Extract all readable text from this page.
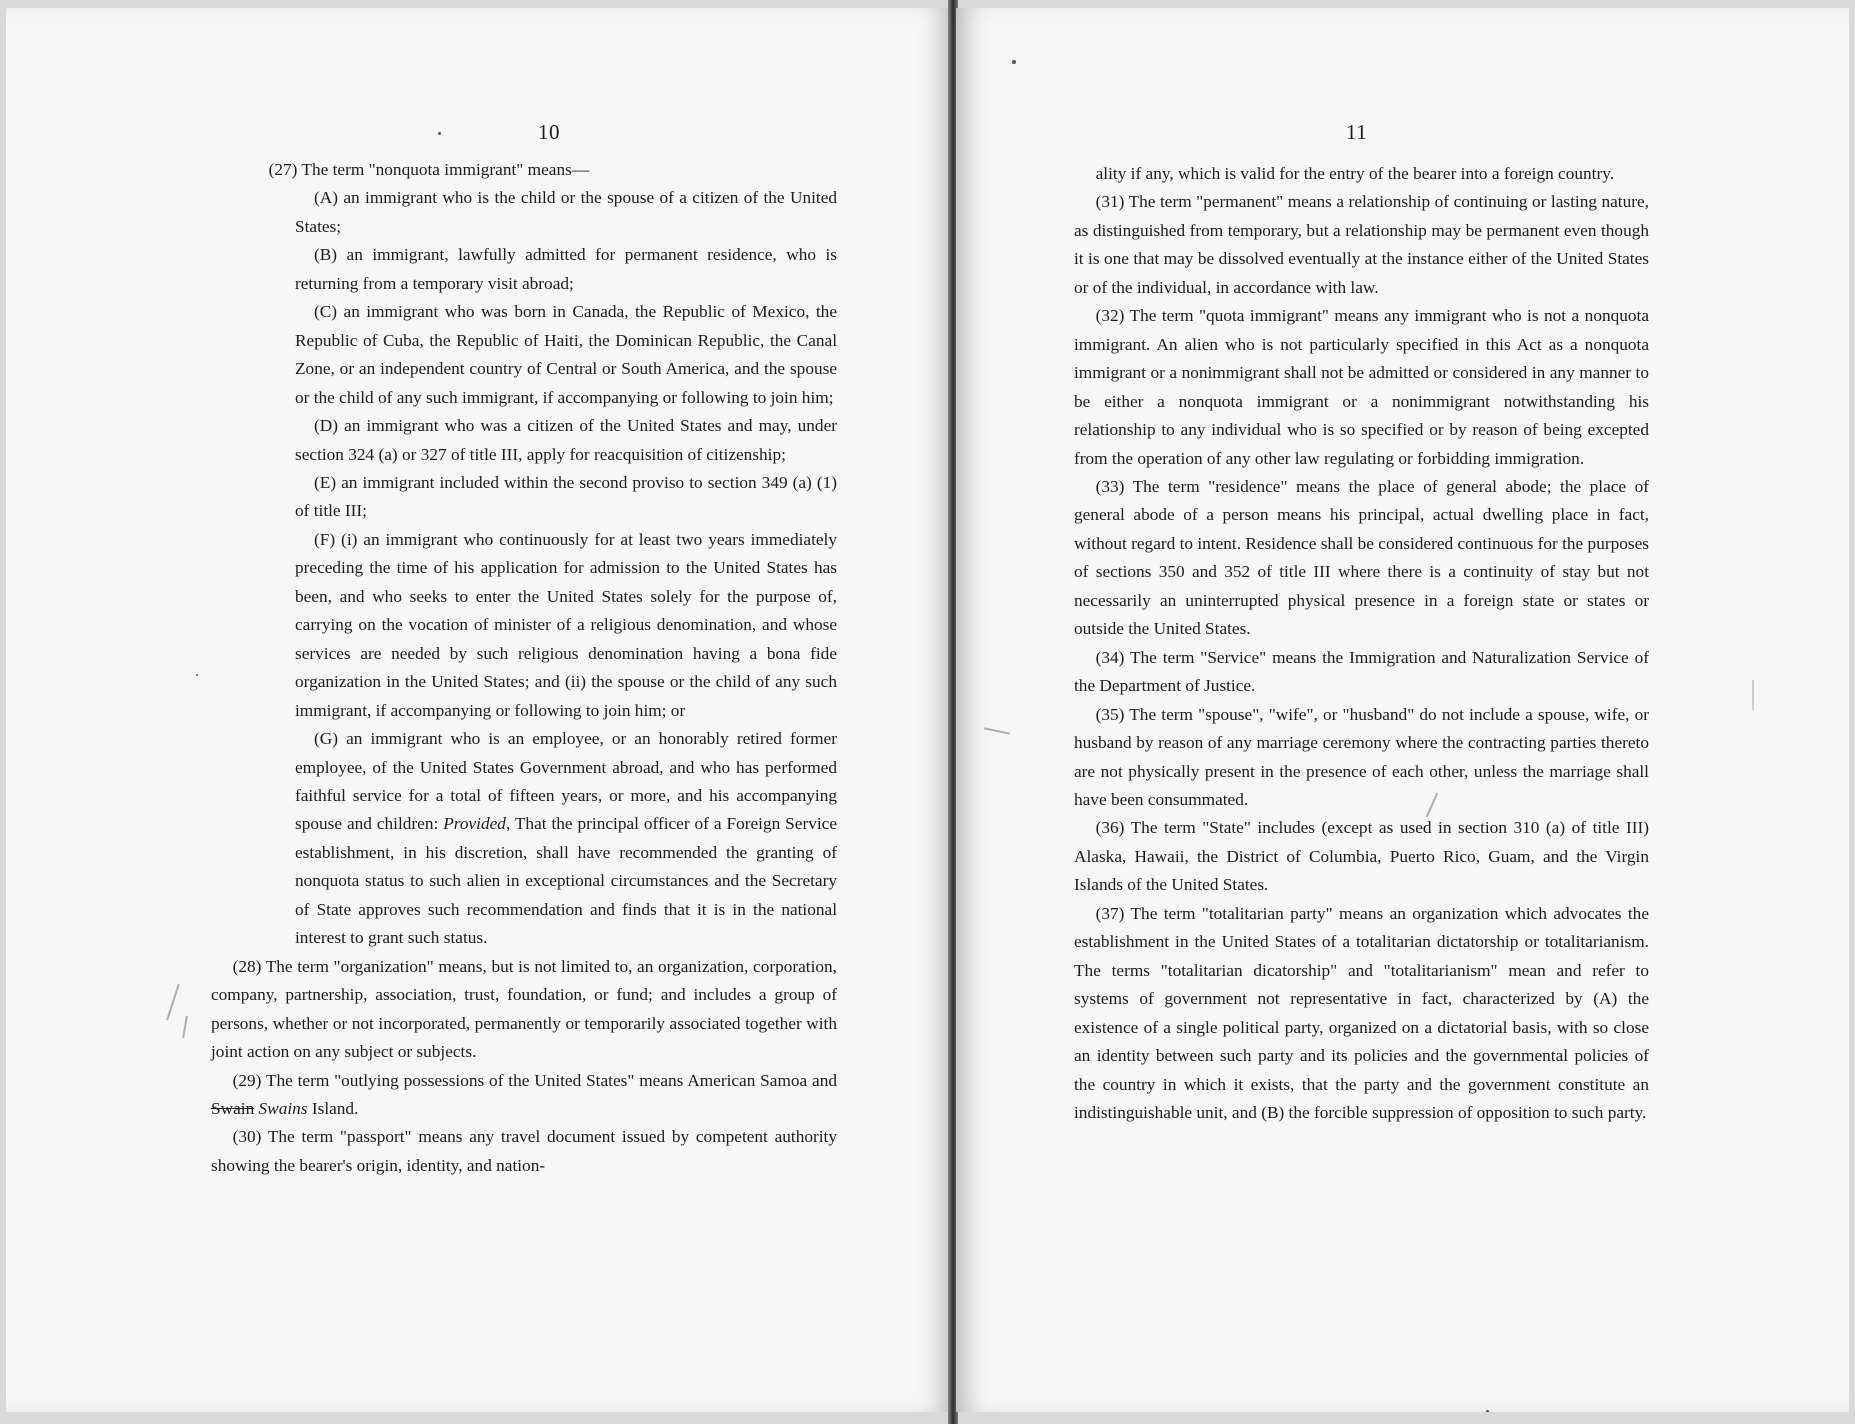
10

(27) The term "nonquota immigrant" means—

(A) an immigrant who is the child or the spouse of a citizen of the United States;

(B) an immigrant, lawfully admitted for permanent residence, who is returning from a temporary visit abroad;

(C) an immigrant who was born in Canada, the Republic of Mexico, the Republic of Cuba, the Republic of Haiti, the Dominican Republic, the Canal Zone, or an independent country of Central or South America, and the spouse or the child of any such immigrant, if accompanying or following to join him;

(D) an immigrant who was a citizen of the United States and may, under section 324 (a) or 327 of title III, apply for reacquisition of citizenship;

(E) an immigrant included within the second proviso to section 349 (a) (1) of title III;

(F) (i) an immigrant who continuously for at least two years immediately preceding the time of his application for admission to the United States has been, and who seeks to enter the United States solely for the purpose of, carrying on the vocation of minister of a religious denomination, and whose services are needed by such religious denomination having a bona fide organization in the United States; and (ii) the spouse or the child of any such immigrant, if accompanying or following to join him; or

(G) an immigrant who is an employee, or an honorably retired former employee, of the United States Government abroad, and who has performed faithful service for a total of fifteen years, or more, and his accompanying spouse and children: Provided, That the principal officer of a Foreign Service establishment, in his discretion, shall have recommended the granting of nonquota status to such alien in exceptional circumstances and the Secretary of State approves such recommendation and finds that it is in the national interest to grant such status.

(28) The term "organization" means, but is not limited to, an organization, corporation, company, partnership, association, trust, foundation, or fund; and includes a group of persons, whether or not incorporated, permanently or temporarily associated together with joint action on any subject or subjects.

(29) The term "outlying possessions of the United States" means American Samoa and Swain Swains Island.

(30) The term "passport" means any travel document issued by competent authority showing the bearer's origin, identity, and nation-

11

ality if any, which is valid for the entry of the bearer into a foreign country.

(31) The term "permanent" means a relationship of continuing or lasting nature, as distinguished from temporary, but a relationship may be permanent even though it is one that may be dissolved eventually at the instance either of the United States or of the individual, in accordance with law.

(32) The term "quota immigrant" means any immigrant who is not a nonquota immigrant. An alien who is not particularly specified in this Act as a nonquota immigrant or a nonimmigrant shall not be admitted or considered in any manner to be either a nonquota immigrant or a nonimmigrant notwithstanding his relationship to any individual who is so specified or by reason of being excepted from the operation of any other law regulating or forbidding immigration.

(33) The term "residence" means the place of general abode; the place of general abode of a person means his principal, actual dwelling place in fact, without regard to intent. Residence shall be considered continuous for the purposes of sections 350 and 352 of title III where there is a continuity of stay but not necessarily an uninterrupted physical presence in a foreign state or states or outside the United States.

(34) The term "Service" means the Immigration and Naturalization Service of the Department of Justice.

(35) The term "spouse", "wife", or "husband" do not include a spouse, wife, or husband by reason of any marriage ceremony where the contracting parties thereto are not physically present in the presence of each other, unless the marriage shall have been consummated.

(36) The term "State" includes (except as used in section 310 (a) of title III) Alaska, Hawaii, the District of Columbia, Puerto Rico, Guam, and the Virgin Islands of the United States.

(37) The term "totalitarian party" means an organization which advocates the establishment in the United States of a totalitarian dictatorship or totalitarianism. The terms "totalitarian dicatorship" and "totalitarianism" mean and refer to systems of government not representative in fact, characterized by (A) the existence of a single political party, organized on a dictatorial basis, with so close an identity between such party and its policies and the governmental policies of the country in which it exists, that the party and the government constitute an indistinguishable unit, and (B) the forcible suppression of opposition to such party.
